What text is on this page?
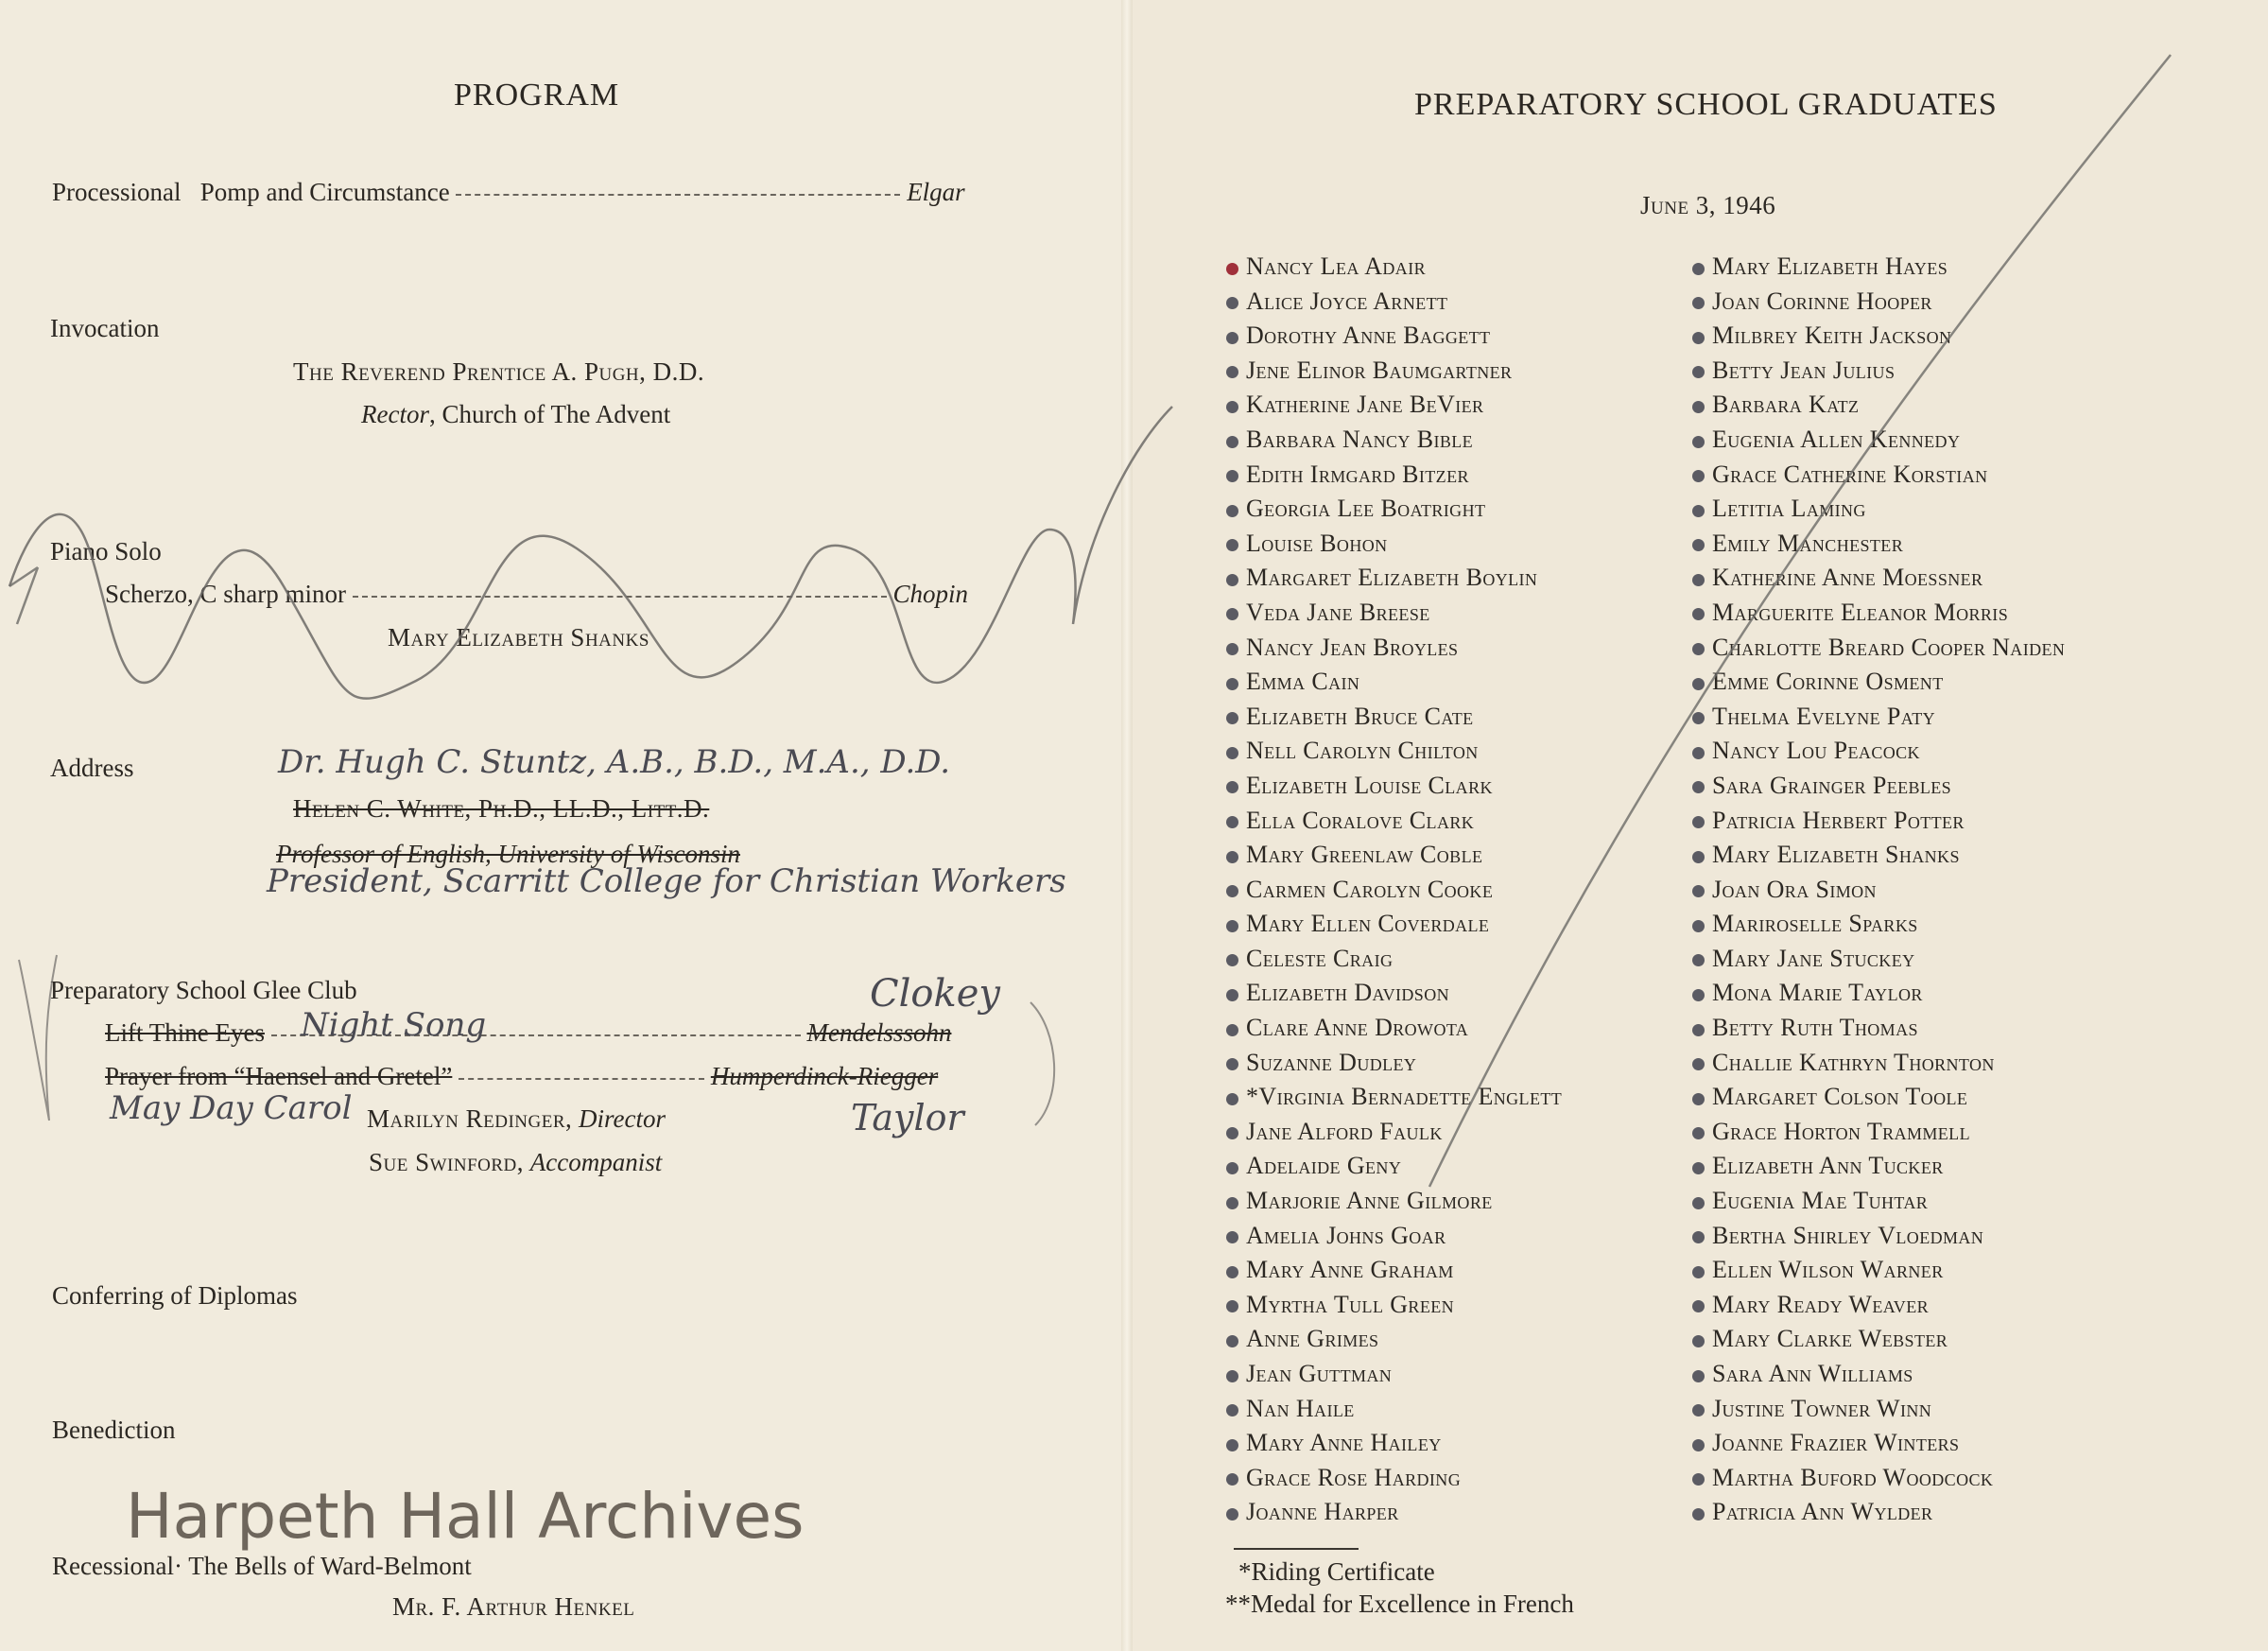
PROGRAM
Processional Pomp and Circumstance	Elgar
Invocation
The Reverend Prentice A. Pugh, D.D.
Rector, Church of The Advent
Piano Solo
Scherzo, C sharp minor	Chopin
Mary Elizabeth Shanks
Address	Dr. Hugh C. Stuntz, A.B., B.D., M.A., D.D.
Helen C. White, Ph.D., LL.D., Litt.D.
Professor of English, University of Wisconsin
President, Scarritt College for Christian Workers
Preparatory School Glee Club
Lift Thine Eyes	Mendelsssohn
Night Song
Clokey
Prayer from “Haensel and Gretel”	Humperdinck-Riegger
May Day Carol	Taylor
Marilyn Redinger, Director
Sue Swinford, Accompanist
Conferring of Diplomas
Benediction
Harpeth Hall Archives
Recessional· The Bells of Ward-Belmont
Mr. F. Arthur Henkel
PREPARATORY SCHOOL GRADUATES
June 3, 1946
Nancy Lea Adair
Alice Joyce Arnett
Dorothy Anne Baggett
Jene Elinor Baumgartner
Katherine Jane BeVier
Barbara Nancy Bible
Edith Irmgard Bitzer
Georgia Lee Boatright
Louise Bohon
Margaret Elizabeth Boylin
Veda Jane Breese
Nancy Jean Broyles
Emma Cain
Elizabeth Bruce Cate
Nell Carolyn Chilton
Elizabeth Louise Clark
Ella Coralove Clark
Mary Greenlaw Coble
Carmen Carolyn Cooke
Mary Ellen Coverdale
Celeste Craig
Elizabeth Davidson
Clare Anne Drowota
Suzanne Dudley
*Virginia Bernadette Englett
Jane Alford Faulk
Adelaide Geny
Marjorie Anne Gilmore
Amelia Johns Goar
Mary Anne Graham
Myrtha Tull Green
Anne Grimes
Jean Guttman
Nan Haile
Mary Anne Hailey
Grace Rose Harding
Joanne Harper
Mary Elizabeth Hayes
Joan Corinne Hooper
Milbrey Keith Jackson
Betty Jean Julius
Barbara Katz
Eugenia Allen Kennedy
Grace Catherine Korstian
Letitia Laming
Emily Manchester
Katherine Anne Moessner
Marguerite Eleanor Morris
Charlotte Breard Cooper Naiden
Emme Corinne Osment
Thelma Evelyne Paty
Nancy Lou Peacock
Sara Grainger Peebles
Patricia Herbert Potter
Mary Elizabeth Shanks
Joan Ora Simon
Mariroselle Sparks
Mary Jane Stuckey
Mona Marie Taylor
Betty Ruth Thomas
Challie Kathryn Thornton
Margaret Colson Toole
Grace Horton Trammell
Elizabeth Ann Tucker
Eugenia Mae Tuhtar
Bertha Shirley Vloedman
Ellen Wilson Warner
Mary Ready Weaver
Mary Clarke Webster
Sara Ann Williams
Justine Towner Winn
Joanne Frazier Winters
Martha Buford Woodcock
Patricia Ann Wylder
*Riding Certificate
**Medal for Excellence in French
